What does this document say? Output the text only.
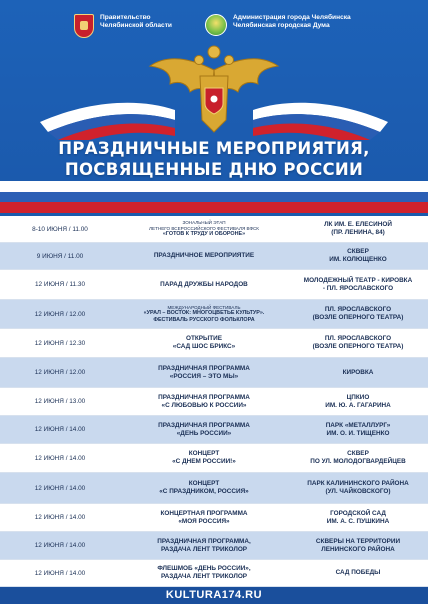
Правительство
Челябинской области
Администрация города Челябинска
Челябинская городская Дума
ПРАЗДНИЧНЫЕ МЕРОПРИЯТИЯ,
ПОСВЯЩЕННЫЕ ДНЮ РОССИИ
8-10 ИЮНЯ / 11.00
ЗОНАЛЬНЫЙ ЭТАП
ЛЕТНЕГО ВСЕРОССИЙСКОГО ФЕСТИВАЛЯ ВФСК
«ГОТОВ К ТРУДУ И ОБОРОНЕ»
ЛК ИМ. Е. ЕЛЕСИНОЙ
(ПР. ЛЕНИНА, 84)
9 ИЮНЯ / 11.00	ПРАЗДНИЧНОЕ МЕРОПРИЯТИЕ
СКВЕР
ИМ. КОЛЮЩЕНКО
12 ИЮНЯ / 11.30	ПАРАД ДРУЖБЫ НАРОДОВ
МОЛОДЕЖНЫЙ ТЕАТР - КИРОВКА
- ПЛ. ЯРОСЛАВСКОГО
12 ИЮНЯ / 12.00
МЕЖДУНАРОДНЫЙ ФЕСТИВАЛЬ
«УРАЛ – ВОСТОК: МНОГОЦВЕТЬЕ КУЛЬТУР».
ФЕСТИВАЛЬ РУССКОГО ФОЛЬКЛОРА
ПЛ. ЯРОСЛАВСКОГО
(ВОЗЛЕ ОПЕРНОГО ТЕАТРА)
12 ИЮНЯ / 12.30
ОТКРЫТИЕ
«САД ШОС БРИКС»
ПЛ. ЯРОСЛАВСКОГО
(ВОЗЛЕ ОПЕРНОГО ТЕАТРА)
12 ИЮНЯ / 12.00
ПРАЗДНИЧНАЯ ПРОГРАММА
«РОССИЯ – ЭТО МЫ»
КИРОВКА
12 ИЮНЯ / 13.00
ПРАЗДНИЧНАЯ ПРОГРАММА
«С ЛЮБОВЬЮ К РОССИИ»
ЦПКИО
ИМ. Ю. А. ГАГАРИНА
12 ИЮНЯ / 14.00
ПРАЗДНИЧНАЯ ПРОГРАММА
«ДЕНЬ РОССИИ»
ПАРК «МЕТАЛЛУРГ»
ИМ. О. И. ТИЩЕНКО
12 ИЮНЯ / 14.00
КОНЦЕРТ
«С ДНЕМ РОССИИ!»
СКВЕР
ПО УЛ. МОЛОДОГВАРДЕЙЦЕВ
12 ИЮНЯ / 14.00
КОНЦЕРТ
«С ПРАЗДНИКОМ, РОССИЯ»
ПАРК КАЛИНИНСКОГО РАЙОНА
(УЛ. ЧАЙКОВСКОГО)
12 ИЮНЯ / 14.00
КОНЦЕРТНАЯ ПРОГРАММА
«МОЯ РОССИЯ»
ГОРОДСКОЙ САД
ИМ. А. С. ПУШКИНА
12 ИЮНЯ / 14.00
ПРАЗДНИЧНАЯ ПРОГРАММА,
РАЗДАЧА ЛЕНТ ТРИКОЛОР
СКВЕРЫ НА ТЕРРИТОРИИ
ЛЕНИНСКОГО РАЙОНА
12 ИЮНЯ / 14.00
ФЛЕШМОБ «ДЕНЬ РОССИИ»,
РАЗДАЧА ЛЕНТ ТРИКОЛОР
САД ПОБЕДЫ
KULTURA174.RU
